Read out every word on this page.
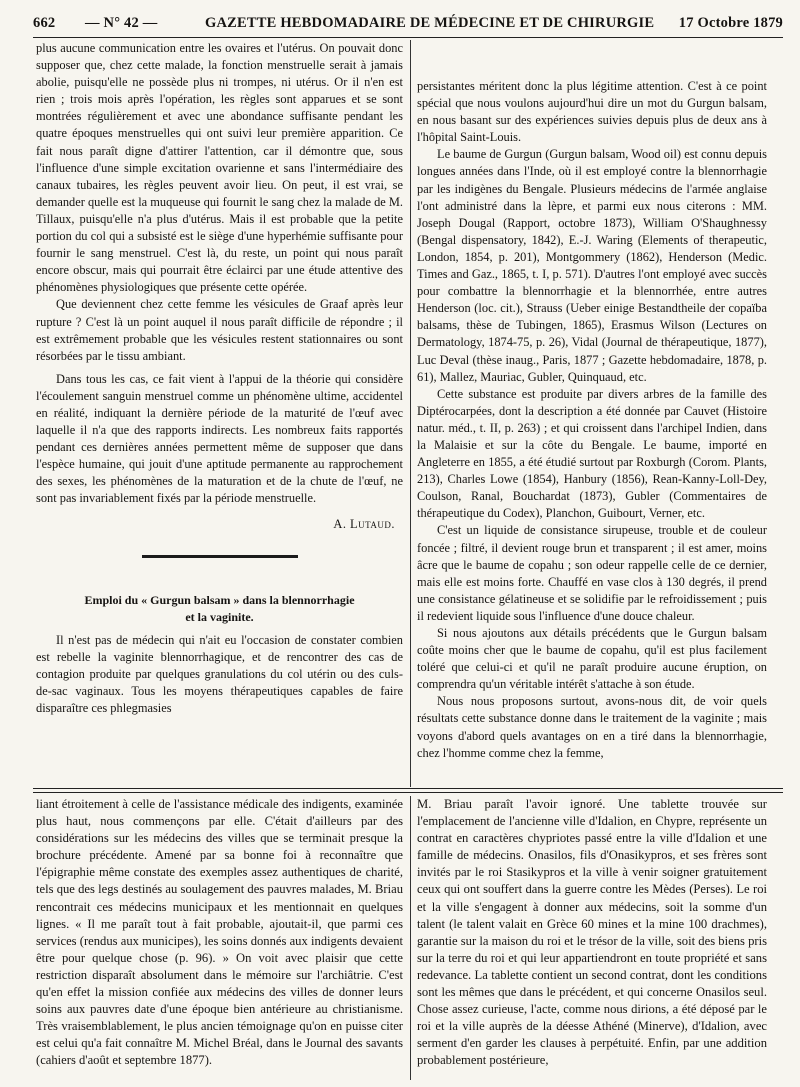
662 — N° 42 —	GAZETTE HEBDOMADAIRE DE MÉDECINE ET DE CHIRURGIE 17 Octobre 1879

plus aucune communication entre les ovaires et l'utérus. On pouvait donc supposer que, chez cette malade, la fonction menstruelle serait à jamais abolie, puisqu'elle ne possède plus ni trompes, ni utérus. Or il n'en est rien ; trois mois après l'opération, les règles sont apparues et se sont montrées régulièrement et avec une abondance suffisante pendant les quatre époques menstruelles qui ont suivi leur première apparition. Ce fait nous paraît digne d'attirer l'attention, car il démontre que, sous l'influence d'une simple excitation ovarienne et sans l'intermédiaire des canaux tubaires, les règles peuvent avoir lieu. On peut, il est vrai, se demander quelle est la muqueuse qui fournit le sang chez la malade de M. Tillaux, puisqu'elle n'a plus d'utérus. Mais il est probable que la petite portion du col qui a subsisté est le siège d'une hyperhémie suffisante pour fournir le sang menstruel. C'est là, du reste, un point qui nous paraît encore obscur, mais qui pourrait être éclairci par une étude attentive des phénomènes physiologiques que présente cette opérée.

Que deviennent chez cette femme les vésicules de Graaf après leur rupture ? C'est là un point auquel il nous paraît difficile de répondre ; il est extrêmement probable que les vésicules restent stationnaires ou sont résorbées par le tissu ambiant.

Dans tous les cas, ce fait vient à l'appui de la théorie qui considère l'écoulement sanguin menstruel comme un phénomène ultime, accidentel en réalité, indiquant la dernière période de la maturité de l'œuf avec laquelle il n'a que des rapports indirects. Les nombreux faits rapportés pendant ces dernières années permettent même de supposer que dans l'espèce humaine, qui jouit d'une aptitude permanente au rapprochement des sexes, les phénomènes de la maturation et de la chute de l'œuf, ne sont pas invariablement fixés par la période menstruelle.

A. Lutaud.
Emploi du « Gurgun balsam » dans la blennorrhagie
et la vaginite.

Il n'est pas de médecin qui n'ait eu l'occasion de constater combien est rebelle la vaginite blennorrhagique, et de rencontrer des cas de contagion produite par quelques granulations du col utérin ou des culs-de-sac vaginaux. Tous les moyens thérapeutiques capables de faire disparaître ces phlegmasies

persistantes méritent donc la plus légitime attention. C'est à ce point spécial que nous voulons aujourd'hui dire un mot du Gurgun balsam, en nous basant sur des expériences suivies depuis plus de deux ans à l'hôpital Saint-Louis.

Le baume de Gurgun (Gurgun balsam, Wood oil) est connu depuis longues années dans l'Inde, où il est employé contre la blennorrhagie par les indigènes du Bengale. Plusieurs médecins de l'armée anglaise l'ont administré dans la lèpre, et parmi eux nous citerons : MM. Joseph Dougal (Rapport, octobre 1873), William O'Shaughnessy (Bengal dispensatory, 1842), E.-J. Waring (Elements of therapeutic, London, 1854, p. 201), Montgommery (1862), Henderson (Medic. Times and Gaz., 1865, t. I, p. 571). D'autres l'ont employé avec succès pour combattre la blennorrhagie et la blennorrhée, entre autres Henderson (loc. cit.), Strauss (Ueber einige Bestandtheile der copaïba balsams, thèse de Tubingen, 1865), Erasmus Wilson (Lectures on Dermatology, 1874-75, p. 26), Vidal (Journal de thérapeutique, 1877), Luc Deval (thèse inaug., Paris, 1877 ; Gazette hebdomadaire, 1878, p. 61), Mallez, Mauriac, Gubler, Quinquaud, etc.

Cette substance est produite par divers arbres de la famille des Diptérocarpées, dont la description a été donnée par Cauvet (Histoire natur. méd., t. II, p. 263) ; et qui croissent dans l'archipel Indien, dans la Malaisie et sur la côte du Bengale. Le baume, importé en Angleterre en 1855, a été étudié surtout par Roxburgh (Corom. Plants, 213), Charles Lowe (1854), Hanbury (1856), Rean-Kanny-Loll-Dey, Coulson, Ranal, Bouchardat (1873), Gubler (Commentaires de thérapeutique du Codex), Planchon, Guibourt, Verner, etc.

C'est un liquide de consistance sirupeuse, trouble et de couleur foncée ; filtré, il devient rouge brun et transparent ; il est amer, moins âcre que le baume de copahu ; son odeur rappelle celle de ce dernier, mais elle est moins forte. Chauffé en vase clos à 130 degrés, il prend une consistance gélatineuse et se solidifie par le refroidissement ; puis il redevient liquide sous l'influence d'une douce chaleur.

Si nous ajoutons aux détails précédents que le Gurgun balsam coûte moins cher que le baume de copahu, qu'il est plus facilement toléré que celui-ci et qu'il ne paraît produire aucune éruption, on comprendra qu'un véritable intérêt s'attache à son étude.

Nous nous proposons surtout, avons-nous dit, de voir quels résultats cette substance donne dans le traitement de la vaginite ; mais voyons d'abord quels avantages on en a tiré dans la blennorrhagie, chez l'homme comme chez la femme,

liant étroitement à celle de l'assistance médicale des indigents, examinée plus haut, nous commençons par elle. C'était d'ailleurs par des considérations sur les médecins des villes que se terminait presque la brochure précédente. Amené par sa bonne foi à reconnaître que l'épigraphie même constate des exemples assez authentiques de charité, tels que des legs destinés au soulagement des pauvres malades, M. Briau rencontrait ces médecins municipaux et les mentionnait en quelques lignes. « Il me paraît tout à fait probable, ajoutait-il, que parmi ces services (rendus aux municipes), les soins donnés aux indigents devaient être pour quelque chose (p. 96). » On voit avec plaisir que cette restriction disparaît absolument dans le mémoire sur l'archiâtrie. C'est qu'en effet la mission confiée aux médecins des villes de donner leurs soins aux pauvres date d'une époque bien antérieure au christianisme. Très vraisemblablement, le plus ancien témoignage qu'on en puisse citer est celui qu'a fait connaître M. Michel Bréal, dans le Journal des savants (cahiers d'août et septembre 1877).

M. Briau paraît l'avoir ignoré. Une tablette trouvée sur l'emplacement de l'ancienne ville d'Idalion, en Chypre, représente un contrat en caractères chypriotes passé entre la ville d'Idalion et une famille de médecins. Onasilos, fils d'Onasikypros, et ses frères sont invités par le roi Stasikypros et la ville à venir soigner gratuitement ceux qui ont souffert dans la guerre contre les Mèdes (Perses). Le roi et la ville s'engagent à donner aux médecins, soit la somme d'un talent (le talent valait en Grèce 60 mines et la mine 100 drachmes), garantie sur la maison du roi et le trésor de la ville, soit des biens pris sur la terre du roi et qui leur appartiendront en toute propriété et sans redevance. La tablette contient un second contrat, dont les conditions sont les mêmes que dans le précédent, et qui concerne Onasilos seul. Chose assez curieuse, l'acte, comme nous dirions, a été déposé par le roi et la ville auprès de la déesse Athéné (Minerve), d'Idalion, avec serment d'en garder les clauses à perpétuité. Enfin, par une addition probablement postérieure,
